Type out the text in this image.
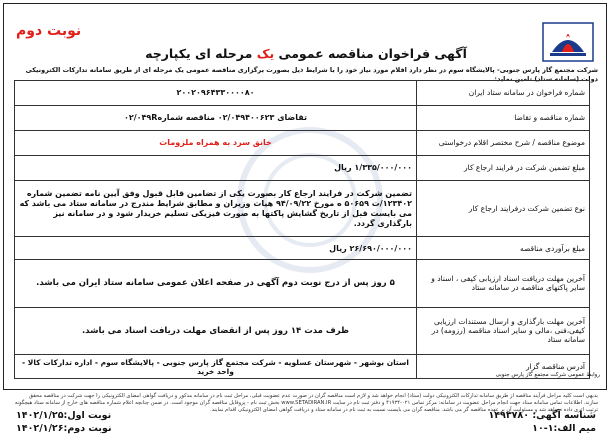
نوبت دوم
آگهی فراخوان مناقصه عمومی یک مرحله ای یکپارچه
شرکت مجتمع گاز پارس جنوبی- پالایشگاه سوم در نظر دارد اقلام مورد نیاز خود را با شرایط ذیل بصورت برگزاری مناقصه عمومی یک مرحله ای از طریق سامانه تدارکات الکترونیکی دولت (سامانه ستاد) تامین نماید:
شماره فراخوان در سامانه ستاد ایران	۲۰۰۲۰۹۶۴۳۳۰۰۰۰۸۰
شماره مناقصه و تقاضا	تقاضای ۰۲/۰۴۹۴۰۰۶۲۳ مناقصه شماره۰۲/۰۴۹R
موضوع مناقصه / شرح مختصر اقلام درخواستی	خانق سرد به همراه ملزومات
مبلغ تضمین شرکت در فرایند ارجاع کار	۱/۳۳۵/۰۰۰/۰۰۰ ریال
نوع تضمین شرکت درفرایند ارجاع کار	تضمین شرکت در فرایند ارجاع کار بصورت یکی از تضامین قابل قبول وفق آیین نامه تضمین شماره ۱۲۳۴۰۲/ت ۵۰۶۵۹ ه مورخ ۹۴/۰۹/۲۲ هیات وزیران و مطابق شرایط مندرج در سامانه ستاد می باشد که می بایست قبل از تاریخ گشایش پاکتها به صورت فیزیکی تسلیم خریدار شود و در سامانه نیز بارگذاری گردد.
مبلغ برآوردی مناقصه	۲۶/۶۹۰/۰۰۰/۰۰۰ ریال
آخرین مهلت دریافت اسناد ارزیابی کیفی ، اسناد و سایر پاکتهای مناقصه در سامانه ستاد	۵ روز پس از درج نوبت دوم آگهی در صفحه اعلان عمومی سامانه ستاد ایران می باشد.
آخرین مهلت بارگذاری و ارسال مستندات ارزیابی کیفی،فنی ،مالی و سایر اسناد مناقصه (رزومه) در سامانه ستاد	ظرف مدت ۱۴ روز پس از انقضای مهلت دریافت اسناد می باشد.
آدرس مناقصه گزار	استان بوشهر - شهرستان عسلویه - شرکت مجتمع گاز پارس جنوبی - پالایشگاه سوم - اداره تدارکات کالا - واحد خرید
بدیهی است کلیه مراحل فرآیند مناقصه از طریق سامانه تدارکات الکترونیکی دولت (ستاد) انجام خواهد شد و لازم است مناقصه گران در صورت عدم عضویت قبلی، مراحل ثبت نام در سامانه مذکور و دریافت گواهی امضای الکترونیکی را جهت شرکت در مناقصه محقق سازند. اطلاعات تماس سامانه ستاد جهت انجام مراحل عضویت در سامانه: مرکز تماس ۰۲۱-۴۱۹۳۴ و دفتر ثبت نام در سایت www.SETADIRAN.IR بخش ثبت نام - پروفایل مناقصه گران موجود است. در ضمن چنانچه اعلام شماره مناقصه های خارج از سامانه ستاد هیچگونه ترتیب اثری داده نخواهد شد و مسئولیت آن بر عهده مناقصه گر می باشد. مناقصه گران می بایست نسبت به ثبت نام در سامانه ستاد و دریافت گواهی امضای الکترونیکی اقدام نمایند.
روابط عمومی شرکت مجتمع گاز پارس جنوبی
نوبت اول:۱۴۰۲/۱/۲۵
نوبت دوم:۱۴۰۲/۱/۲۶
شناسه آگهی: ۱۴۹۳۷۸۰
میم الف:۱-۱۰
